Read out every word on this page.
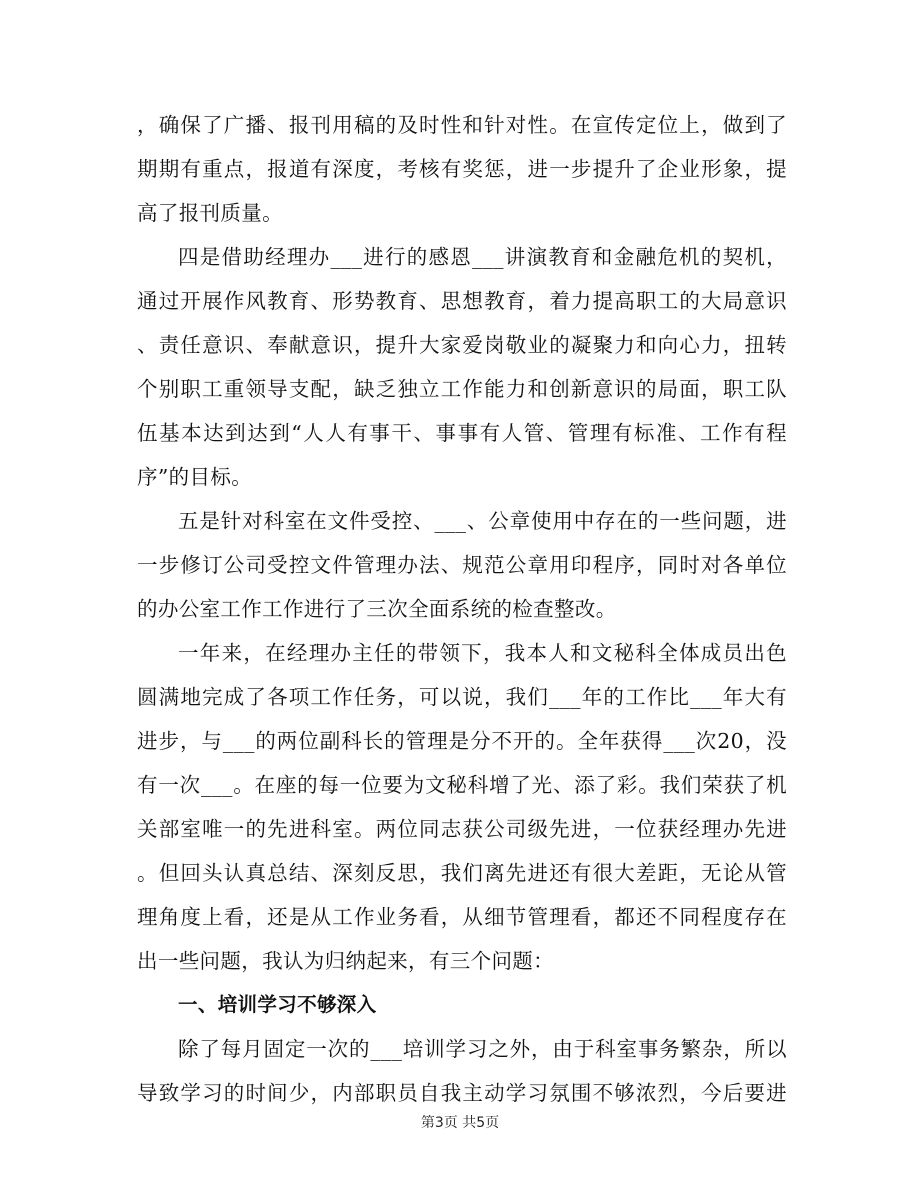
，确保了广播、报刊用稿的及时性和针对性。在宣传定位上，做到了
期期有重点，报道有深度，考核有奖惩，进一步提升了企业形象，提
高了报刊质量。
四是借助经理办___进行的感恩___讲演教育和金融危机的契机，
通过开展作风教育、形势教育、思想教育，着力提高职工的大局意识
、责任意识、奉献意识，提升大家爱岗敬业的凝聚力和向心力，扭转
个别职工重领导支配，缺乏独立工作能力和创新意识的局面，职工队
伍基本达到达到“人人有事干、事事有人管、管理有标准、工作有程
序”的目标。
五是针对科室在文件受控、___、公章使用中存在的一些问题，进
一步修订公司受控文件管理办法、规范公章用印程序，同时对各单位
的办公室工作工作进行了三次全面系统的检查整改。
一年来，在经理办主任的带领下，我本人和文秘科全体成员出色
圆满地完成了各项工作任务，可以说，我们___年的工作比___年大有
进步，与___的两位副科长的管理是分不开的。全年获得___次20，没
有一次___。在座的每一位要为文秘科增了光、添了彩。我们荣获了机
关部室唯一的先进科室。两位同志获公司级先进，一位获经理办先进
。但回头认真总结、深刻反思，我们离先进还有很大差距，无论从管
理角度上看，还是从工作业务看，从细节管理看，都还不同程度存在
出一些问题，我认为归纳起来，有三个问题：
一、培训学习不够深入
除了每月固定一次的___培训学习之外，由于科室事务繁杂，所以
导致学习的时间少，内部职员自我主动学习氛围不够浓烈，今后要进
第3页 共5页
